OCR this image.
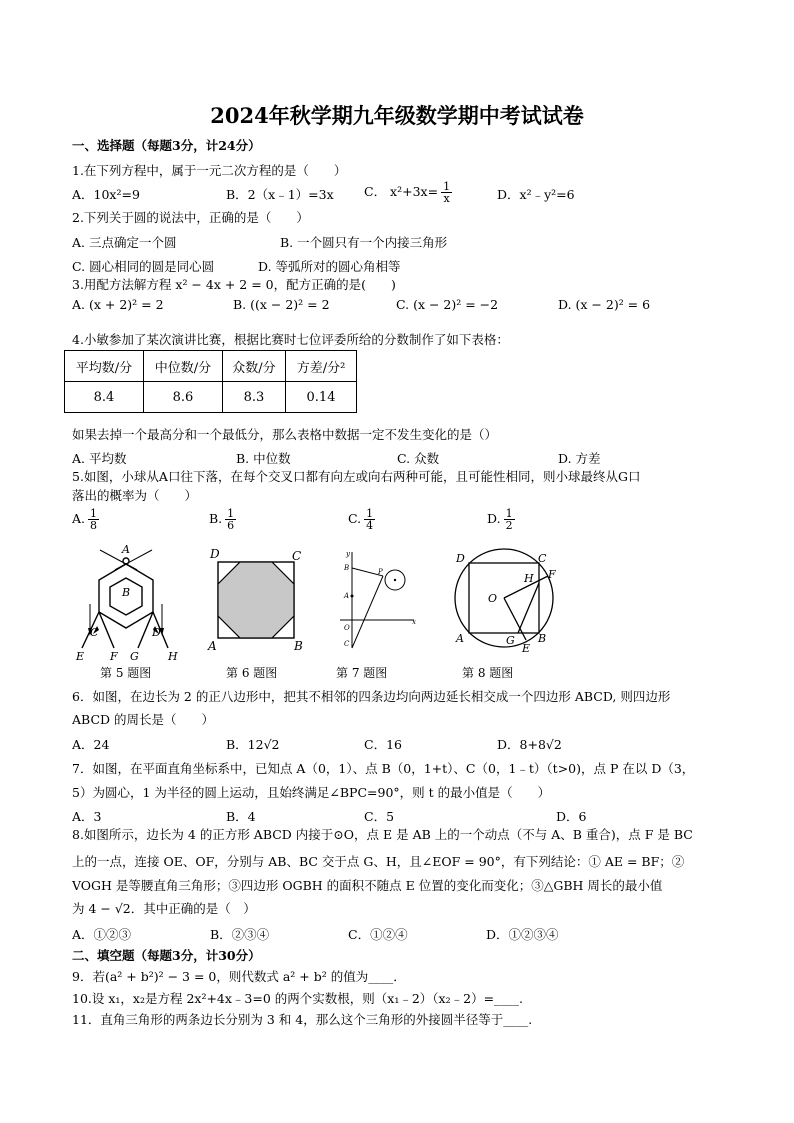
2024年秋学期九年级数学期中考试试卷
一、选择题（每题3分，计24分）
1.在下列方程中，属于一元二次方程的是（　　）
A．10x²=9	B．2（x﹣1）=3x C． $x^2+3x= \frac{1}{x}$	D．x²﹣y²=6
2.下列关于圆的说法中，正确的是（　　）
A. 三点确定一个圆	B. 一个圆只有一个内接三角形
C. 圆心相同的圆是同心圆	D. 等弧所对的圆心角相等
3.用配方法解方程 x² − 4x + 2 = 0，配方正确的是(　　)
A. (x + 2)² = 2	B. ((x − 2)² = 2	C. (x − 2)² = −2	D. (x − 2)² = 6
4.小敏参加了某次演讲比赛，根据比赛时七位评委所给的分数制作了如下表格：
平均数/分	中位数/分	众数/分	方差/分²
8.4	8.6	8.3	0.14
如果去掉一个最高分和一个最低分，那么表格中数据一定不发生变化的是（）
A. 平均数	B. 中位数	C. 众数	D. 方差
5.如图，小球从A口往下落，在每个交叉口都有向左或向右两种可能，且可能性相同，则小球最终从G口
落出的概率为（　　）
A. $\frac{1}{8}$	B. $\frac{1}{6}$	C. $\frac{1}{4}$	D. $\frac{1}{2}$
A
B
C	D
E F G	H
第 5 题图
D	C
A	B
第 6 题图
y
B	P
A
O
C
x
第 7 题图
D	C
H F
O
A	G
E
B
第 8 题图
6．如图，在边长为 2 的正八边形中，把其不相邻的四条边均向两边延长相交成一个四边形 ABCD, 则四边形
ABCD 的周长是（　　）
A．24	B．12√2	C．16	D．8+8√2
7．如图，在平面直角坐标系中，已知点 A（0，1）、点 B（0，1+t）、C（0，1﹣t）（t>0)，点 P 在以 D（3，
5）为圆心，1 为半径的圆上运动，且始终满足∠BPC=90°，则 t 的最小值是（　　）
A．3	B．4	C．5	D．6
8.如图所示，边长为 4 的正方形 ABCD 内接于⊙O，点 E 是 AB 上的一个动点（不与 A、B 重合)，点 F 是 BC
上的一点，连接 OE、OF，分别与 AB、BC 交于点 G、H，且∠EOF = 90°，有下列结论：① AE = BF；②
VOGH 是等腰直角三角形；③四边形 OGBH 的面积不随点 E 位置的变化而变化；③△GBH 周长的最小值
为 4 − √2．其中正确的是（　）
A．①②③	B．②③④	C．①②④	D．①②③④
二、填空题（每题3分，计30分）
9．若(a² + b²)² − 3 = 0，则代数式 a² + b² 的值为____．
10.设 x₁，x₂是方程 2x²+4x﹣3=0 的两个实数根，则（x₁﹣2）（x₂﹣2）=____.
11．直角三角形的两条边长分别为 3 和 4，那么这个三角形的外接圆半径等于____.
